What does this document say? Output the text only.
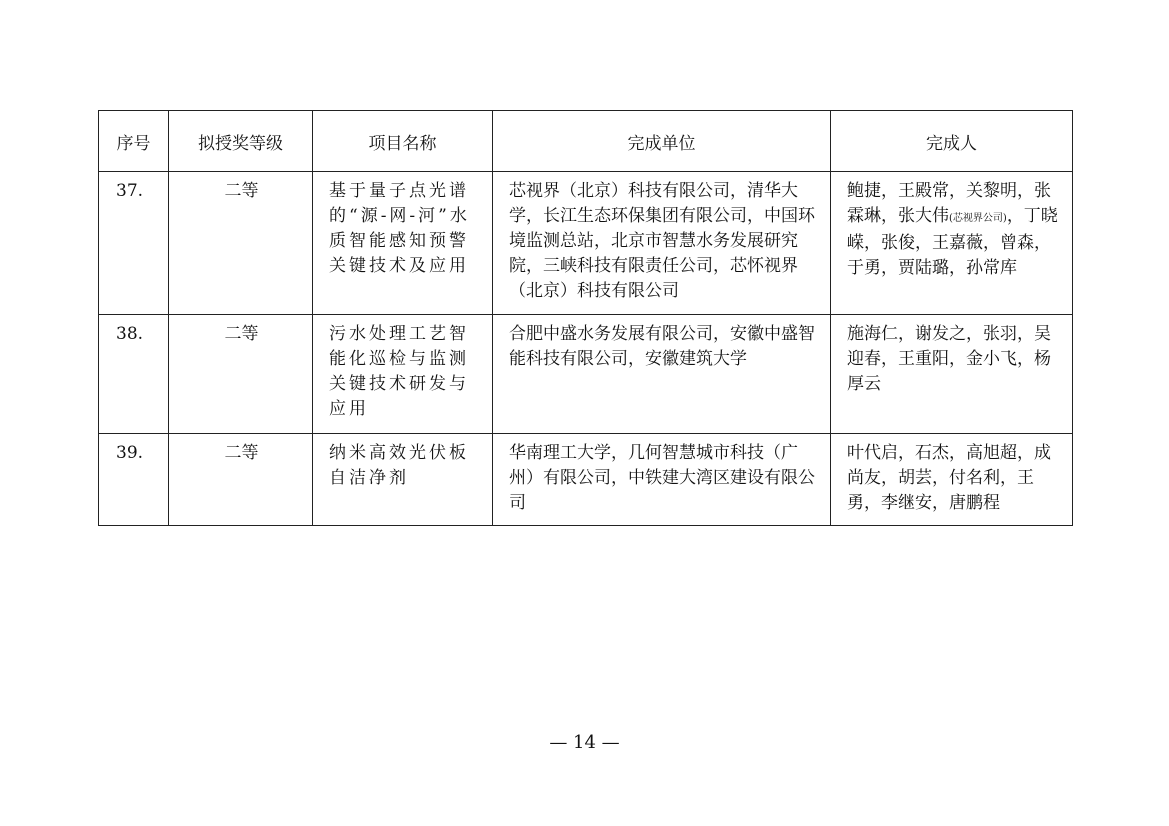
序号	拟授奖等级	项目名称	完成单位	完成人
37.	二等	基于量子点光谱的“源-网-河”水质智能感知预警关键技术及应用	芯视界（北京）科技有限公司，清华大学，长江生态环保集团有限公司，中国环境监测总站，北京市智慧水务发展研究院，三峡科技有限责任公司，芯怀视界（北京）科技有限公司	鲍捷，王殿常，关黎明，张霖琳，张大伟(芯视界公司)，丁晓嵘，张俊，王嘉薇，曾森，于勇，贾陆璐，孙常库
38.	二等	污水处理工艺智能化巡检与监测关键技术研发与应用	合肥中盛水务发展有限公司，安徽中盛智能科技有限公司，安徽建筑大学	施海仁，谢发之，张羽，吴迎春，王重阳，金小飞，杨厚云
39.	二等	纳米高效光伏板自洁净剂	华南理工大学，几何智慧城市科技（广州）有限公司，中铁建大湾区建设有限公司	叶代启，石杰，高旭超，成尚友，胡芸，付名利，王勇，李继安，唐鹏程
— 14 —
